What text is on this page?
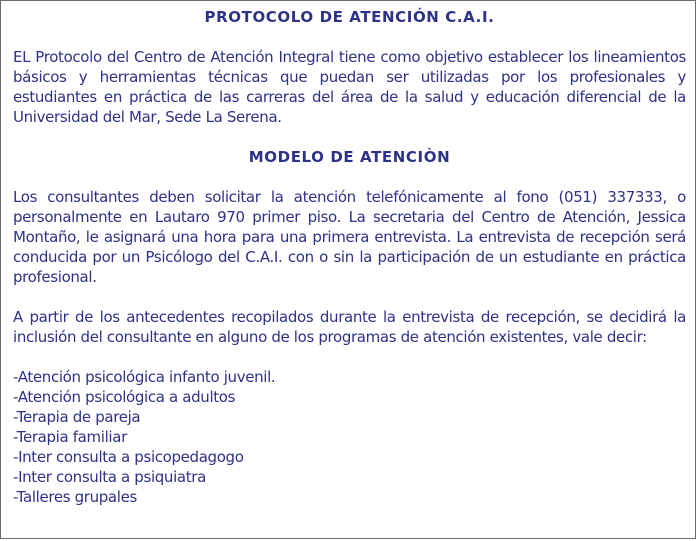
PROTOCOLO DE ATENCIÓN C.A.I.

EL Protocolo del Centro de Atención Integral tiene como objetivo establecer los lineamientos básicos y herramientas técnicas que puedan ser utilizadas por los profesionales y estudiantes en práctica de las carreras del área de la salud y educación diferencial de la Universidad del Mar, Sede La Serena.

MODELO DE ATENCIÒN

Los consultantes deben solicitar la atención telefónicamente al fono (051) 337333, o personalmente en Lautaro 970 primer piso. La secretaria del Centro de Atención, Jessica Montaño, le asignará una hora para una primera entrevista. La entrevista de recepción será conducida por un Psicólogo del C.A.I. con o sin la participación de un estudiante en práctica profesional.

A partir de los antecedentes recopilados durante la entrevista de recepción, se decidirá la inclusión del consultante en alguno de los programas de atención existentes, vale decir:

-Atención psicológica infanto juvenil.
-Atención psicológica a adultos
-Terapia de pareja
-Terapia familiar
-Inter consulta a psicopedagogo
-Inter consulta a psiquiatra
-Talleres grupales
